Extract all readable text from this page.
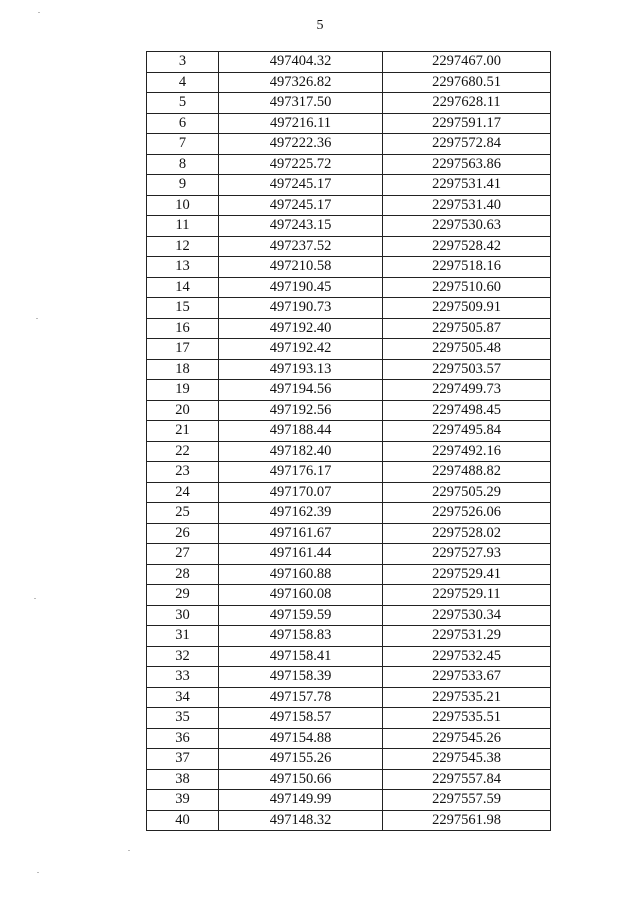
5
3	497404.32	2297467.00
4	497326.82	2297680.51
5	497317.50	2297628.11
6	497216.11	2297591.17
7	497222.36	2297572.84
8	497225.72	2297563.86
9	497245.17	2297531.41
10	497245.17	2297531.40
11	497243.15	2297530.63
12	497237.52	2297528.42
13	497210.58	2297518.16
14	497190.45	2297510.60
15	497190.73	2297509.91
16	497192.40	2297505.87
17	497192.42	2297505.48
18	497193.13	2297503.57
19	497194.56	2297499.73
20	497192.56	2297498.45
21	497188.44	2297495.84
22	497182.40	2297492.16
23	497176.17	2297488.82
24	497170.07	2297505.29
25	497162.39	2297526.06
26	497161.67	2297528.02
27	497161.44	2297527.93
28	497160.88	2297529.41
29	497160.08	2297529.11
30	497159.59	2297530.34
31	497158.83	2297531.29
32	497158.41	2297532.45
33	497158.39	2297533.67
34	497157.78	2297535.21
35	497158.57	2297535.51
36	497154.88	2297545.26
37	497155.26	2297545.38
38	497150.66	2297557.84
39	497149.99	2297557.59
40	497148.32	2297561.98
